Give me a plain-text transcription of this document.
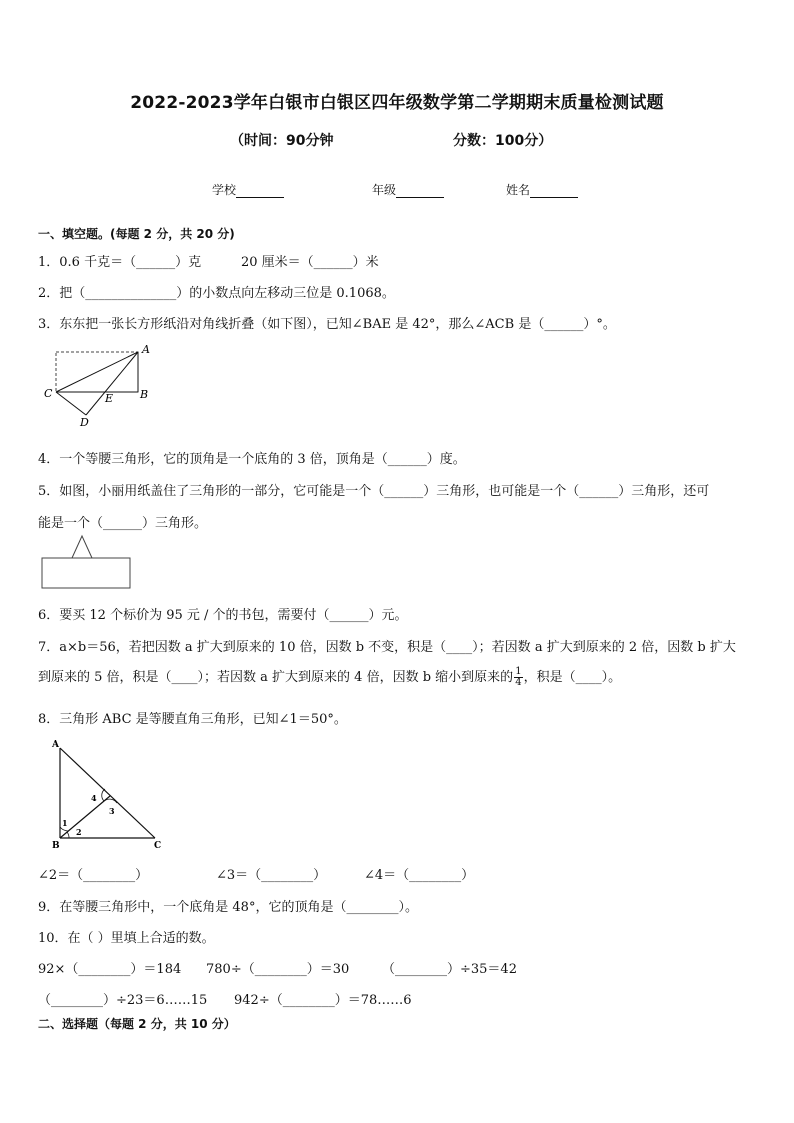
2022-2023学年白银市白银区四年级数学第二学期期末质量检测试题
（时间：90分钟	分数：100分）
学校	年级	姓名
一、填空题。(每题 2 分，共 20 分)
1．0.6 千克＝（______）克	20 厘米＝（______）米
2．把（______________）的小数点向左移动三位是 0.1068。
3．东东把一张长方形纸沿对角线折叠（如下图），已知∠BAE 是 42°，那么∠ACB 是（______）°。
A
B
C
D
E
4．一个等腰三角形，它的顶角是一个底角的 3 倍，顶角是（______）度。
5．如图，小丽用纸盖住了三角形的一部分，它可能是一个（______）三角形，也可能是一个（______）三角形，还可
能是一个（______）三角形。
6．要买 12 个标价为 95 元 / 个的书包，需要付（______）元。
7．a×b＝56，若把因数 a 扩大到原来的 10 倍，因数 b 不变，积是（____）；若因数 a 扩大到原来的 2 倍，因数 b 扩大
到原来的 5 倍，积是（____）；若因数 a 扩大到原来的 4 倍，因数 b 缩小到原来的 $\frac{1}{4}$ ，积是（____）。
8．三角形 ABC 是等腰直角三角形，已知∠1＝50°。
A
B	C
1
2
3
4
∠2＝（________）	∠3＝（________）	∠4＝（________）
9．在等腰三角形中，一个底角是 48°，它的顶角是（________）。
10．在（ ）里填上合适的数。
92×（________）＝184 780÷（________）＝30	（________）÷35＝42
（________）÷23＝6……15 942÷（________）＝78……6
二、选择题（每题 2 分，共 10 分）
